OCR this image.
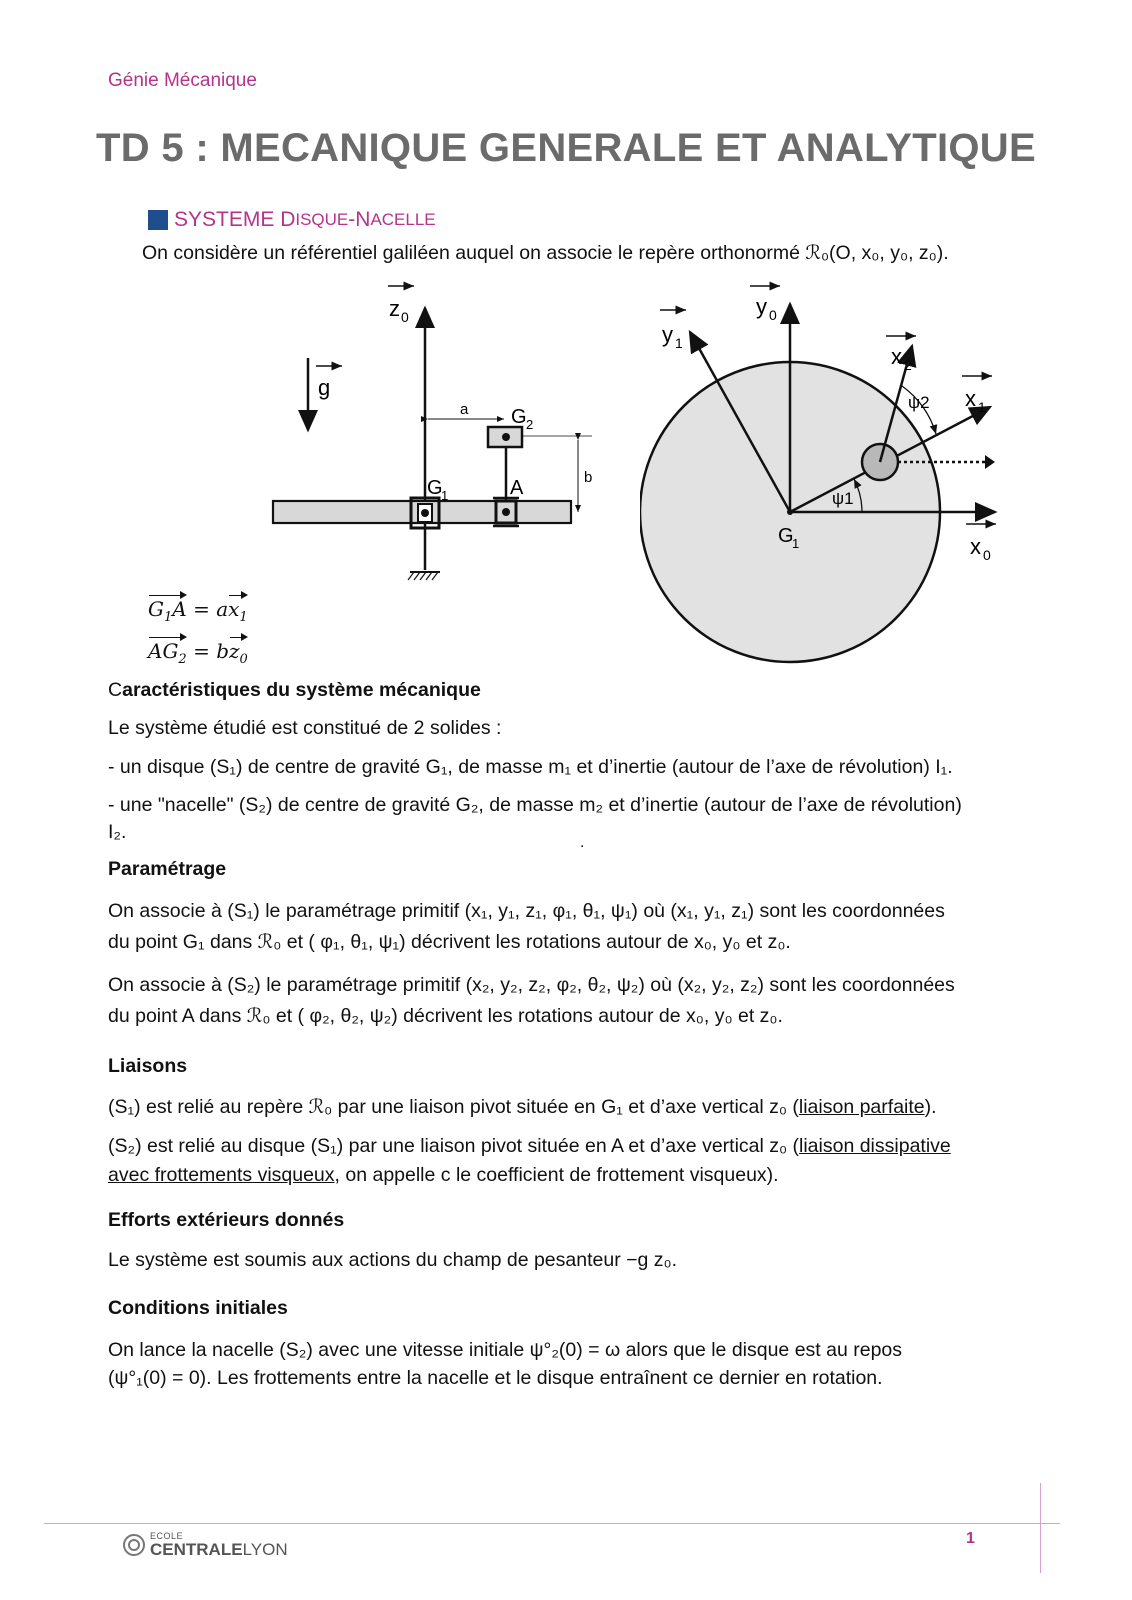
Génie Mécanique
TD 5 : MECANIQUE GENERALE ET ANALYTIQUE
SYSTEME D ISQUE -N ACELLE
On considère un référentiel galiléen auquel on associe le repère orthonormé ℛ₀(O, x₀, y₀, z₀).
z 0
g
a G 2
b
G
1	A
y 0
y 1
x 1
x 0
G
1
ψ1
x 2
ψ2
$G_1A = ax_1$
$AG_2 = bz_0$
Caractéristiques du système mécanique
Le système étudié est constitué de 2 solides :
- un disque (S₁) de centre de gravité G₁, de masse m₁ et d’inertie (autour de l’axe de révolution) I₁.
- une "nacelle" (S₂) de centre de gravité G₂, de masse m₂ et d’inertie (autour de l’axe de révolution)
I₂.	.
Paramétrage
On associe à (S₁) le paramétrage primitif (x₁, y₁, z₁, φ₁, θ₁, ψ₁) où (x₁, y₁, z₁) sont les coordonnées
du point G₁ dans ℛ₀ et ( φ₁, θ₁, ψ₁) décrivent les rotations autour de x₀, y₀ et z₀.
On associe à (S₂) le paramétrage primitif (x₂, y₂, z₂, φ₂, θ₂, ψ₂) où (x₂, y₂, z₂) sont les coordonnées
du point A dans ℛ₀ et ( φ₂, θ₂, ψ₂) décrivent les rotations autour de x₀, y₀ et z₀.
Liaisons
(S₁) est relié au repère ℛ₀ par une liaison pivot située en G₁ et d’axe vertical z₀ (liaison parfaite).
(S₂) est relié au disque (S₁) par une liaison pivot située en A et d’axe vertical z₀ (liaison dissipative
avec frottements visqueux, on appelle c le coefficient de frottement visqueux).
Efforts extérieurs donnés
Le système est soumis aux actions du champ de pesanteur −g z₀.
Conditions initiales
On lance la nacelle (S₂) avec une vitesse initiale ψ°₂(0) = ω alors que le disque est au repos
(ψ°₁(0) = 0). Les frottements entre la nacelle et le disque entraînent ce dernier en rotation.
1
ECOLE
CENTRALELYON
